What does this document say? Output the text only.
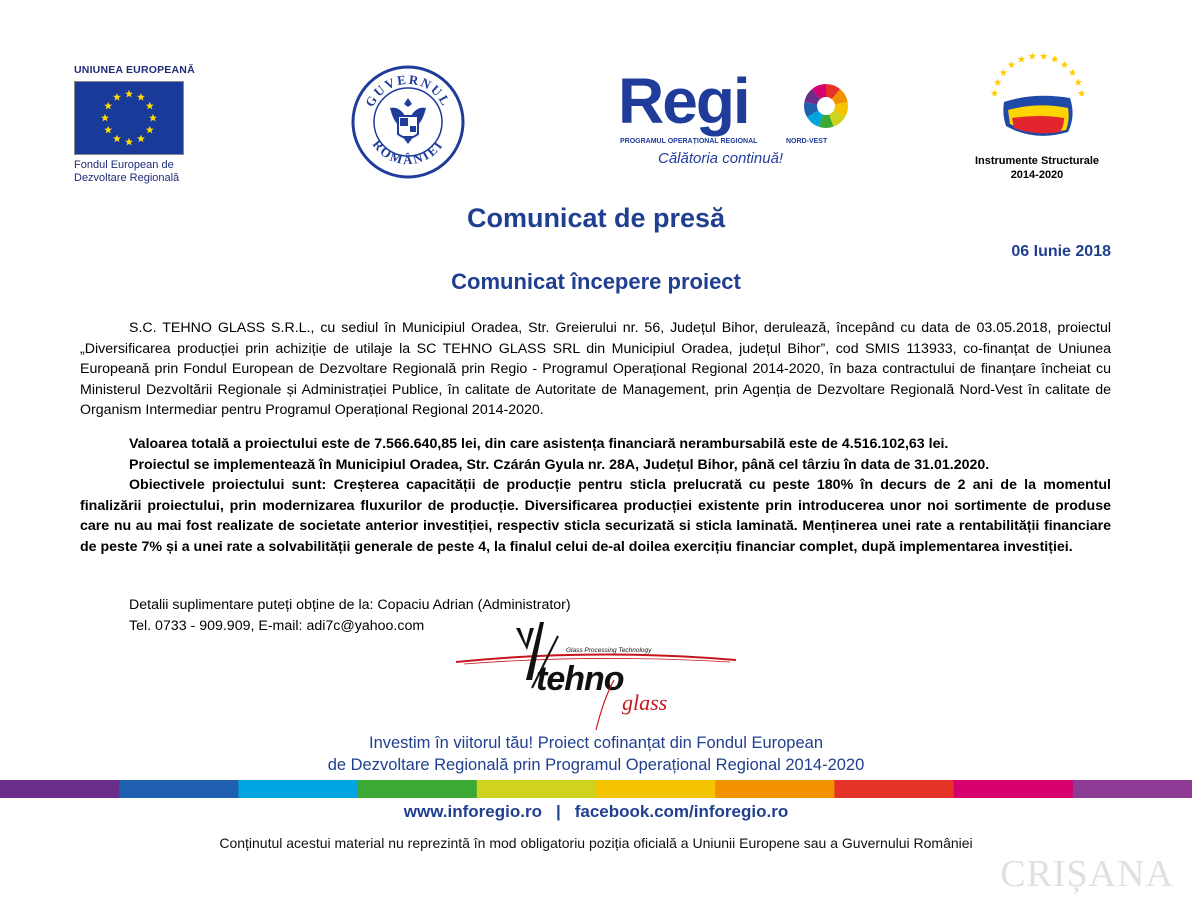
UNIUNEA EUROPEANĂ
Fondul European de
Dezvoltare Regională
GUVERNUL
ROMÂNIEI
Regi
PROGRAMUL OPERAȚIONAL REGIONAL	NORD-VEST
Călătoria continuă!	Instrumente Structurale
2014-2020
Comunicat de presă
06 Iunie 2018
Comunicat începere proiect
S.C. TEHNO GLASS S.R.L., cu sediul în Municipiul Oradea, Str. Greierului nr. 56, Județul Bihor, derulează, începând cu data de 03.05.2018, proiectul „Diversificarea producției prin achiziție de utilaje la SC TEHNO GLASS SRL din Municipiul Oradea, județul Bihor”, cod SMIS 113933, co-finanțat de Uniunea Europeană prin Fondul European de Dezvoltare Regională prin Regio - Programul Operațional Regional 2014-2020, în baza contractului de finanțare încheiat cu Ministerul Dezvoltării Regionale și Administrației Publice, în calitate de Autoritate de Management, prin Agenția de Dezvoltare Regională Nord-Vest în calitate de Organism Intermediar pentru Programul Operațional Regional 2014-2020.

Valoarea totală a proiectului este de 7.566.640,85 lei, din care asistența financiară nerambursabilă este de 4.516.102,63 lei.

Proiectul se implementează în Municipiul Oradea, Str. Czárán Gyula nr. 28A, Județul Bihor, până cel târziu în data de 31.01.2020.

Obiectivele proiectului sunt: Creșterea capacității de producție pentru sticla prelucrată cu peste 180% în decurs de 2 ani de la momentul finalizării proiectului, prin modernizarea fluxurilor de producție. Diversificarea producției existente prin introducerea unor noi sortimente de produse care nu au mai fost realizate de societate anterior investiției, respectiv sticla securizată si sticla laminată. Menținerea unei rate a rentabilității financiare de peste 7% și a unei rate a solvabilității generale de peste 4, la finalul celui de-al doilea exercițiu financiar complet, după implementarea investiției.

Detalii suplimentare puteți obține de la: Copaciu Adrian (Administrator)
Tel. 0733 - 909.909, E-mail: adi7c@yahoo.com
Glass Processing Technology
tehno
glass
Investim în viitorul tău! Proiect cofinanțat din Fondul European
de Dezvoltare Regională prin Programul Operațional Regional 2014-2020
www.inforegio.ro | facebook.com/inforegio.ro
Conținutul acestui material nu reprezintă în mod obligatoriu poziția oficială a Uniunii Europene sau a Guvernului României
CRIȘANA
